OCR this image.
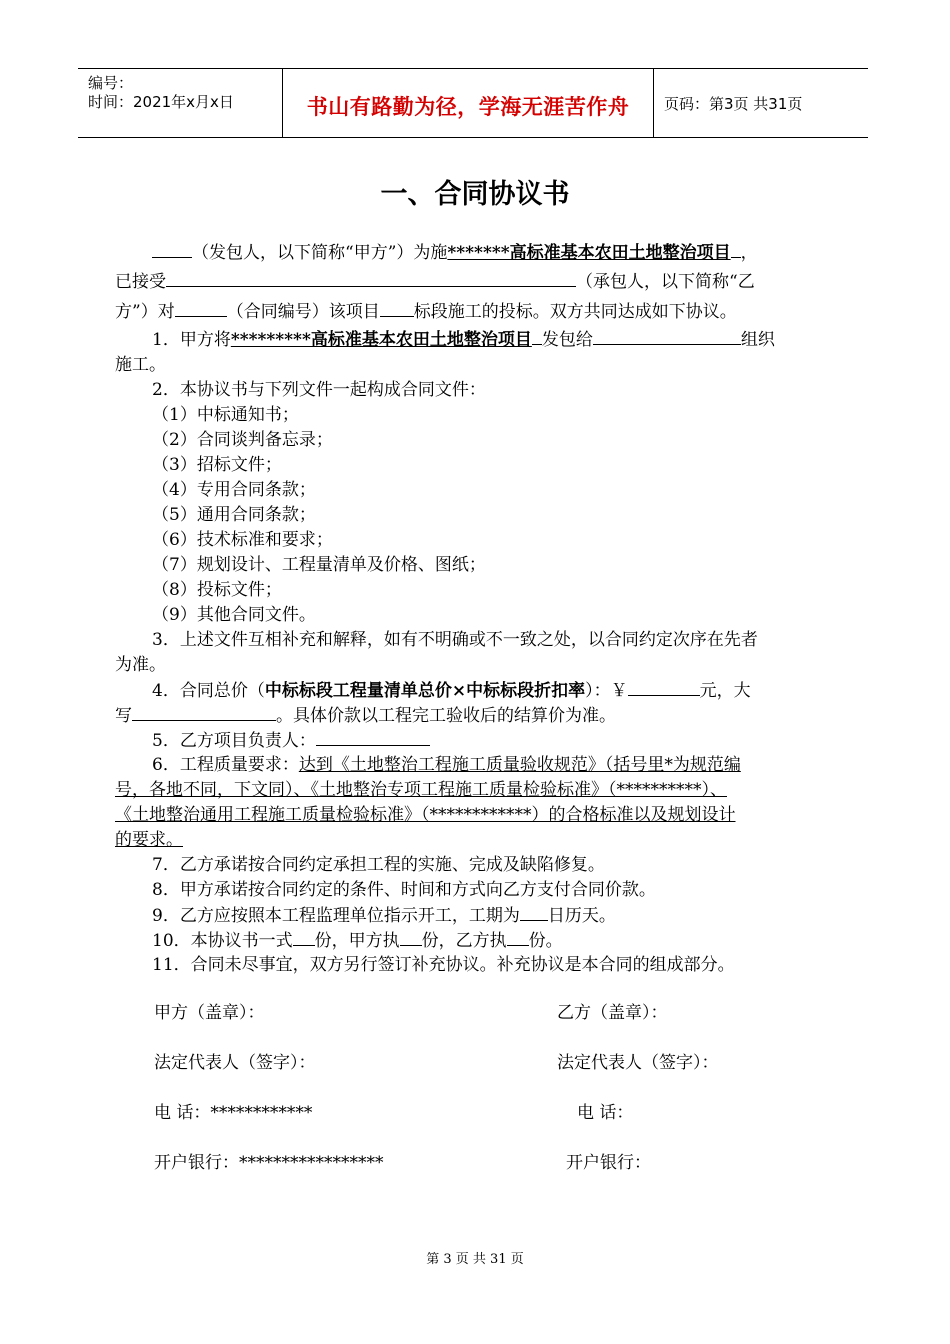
编号：
时间：2021年x月x日	书山有路勤为径，学海无涯苦作舟	页码：第3页 共31页
一、合同协议书
（发包人，以下简称“甲方”）为施*******高标准基本农田土地整治项目 ，
已接受	（承包人，以下简称“乙
方”）对	（合同编号）该项目 标段施工的投标。双方共同达成如下协议。
1．甲方将*********高标准基本农田土地整治项目 发包给	组织
施工。
2．本协议书与下列文件一起构成合同文件：
（1）中标通知书；
（2）合同谈判备忘录；
（3）招标文件；
（4）专用合同条款；
（5）通用合同条款；
（6）技术标准和要求；
（7）规划设计、工程量清单及价格、图纸；
（8）投标文件；
（9）其他合同文件。
3．上述文件互相补充和解释，如有不明确或不一致之处，以合同约定次序在先者
为准。
4．合同总价（中标标段工程量清单总价×中标标段折扣率）：￥	元，大
写	。具体价款以工程完工验收后的结算价为准。
5．乙方项目负责人：
6．工程质量要求：达到《土地整治工程施工质量验收规范》（括号里*为规范编
号，各地不同，下文同）、《土地整治专项工程施工质量检验标准》（**********）、
《土地整治通用工程施工质量检验标准》（************）的合格标准以及规划设计
的要求。
7．乙方承诺按合同约定承担工程的实施、完成及缺陷修复。
8．甲方承诺按合同约定的条件、时间和方式向乙方支付合同价款。
9．乙方应按照本工程监理单位指示开工，工期为 日历天。
10．本协议书一式 份，甲方执 份，乙方执 份。
11．合同未尽事宜，双方另行签订补充协议。补充协议是本合同的组成部分。
甲方（盖章）：	乙方（盖章）：
法定代表人（签字）：	法定代表人（签字）：
电 话：************	电 话：
开户银行：*****************	开户银行：
第 3 页 共 31 页
